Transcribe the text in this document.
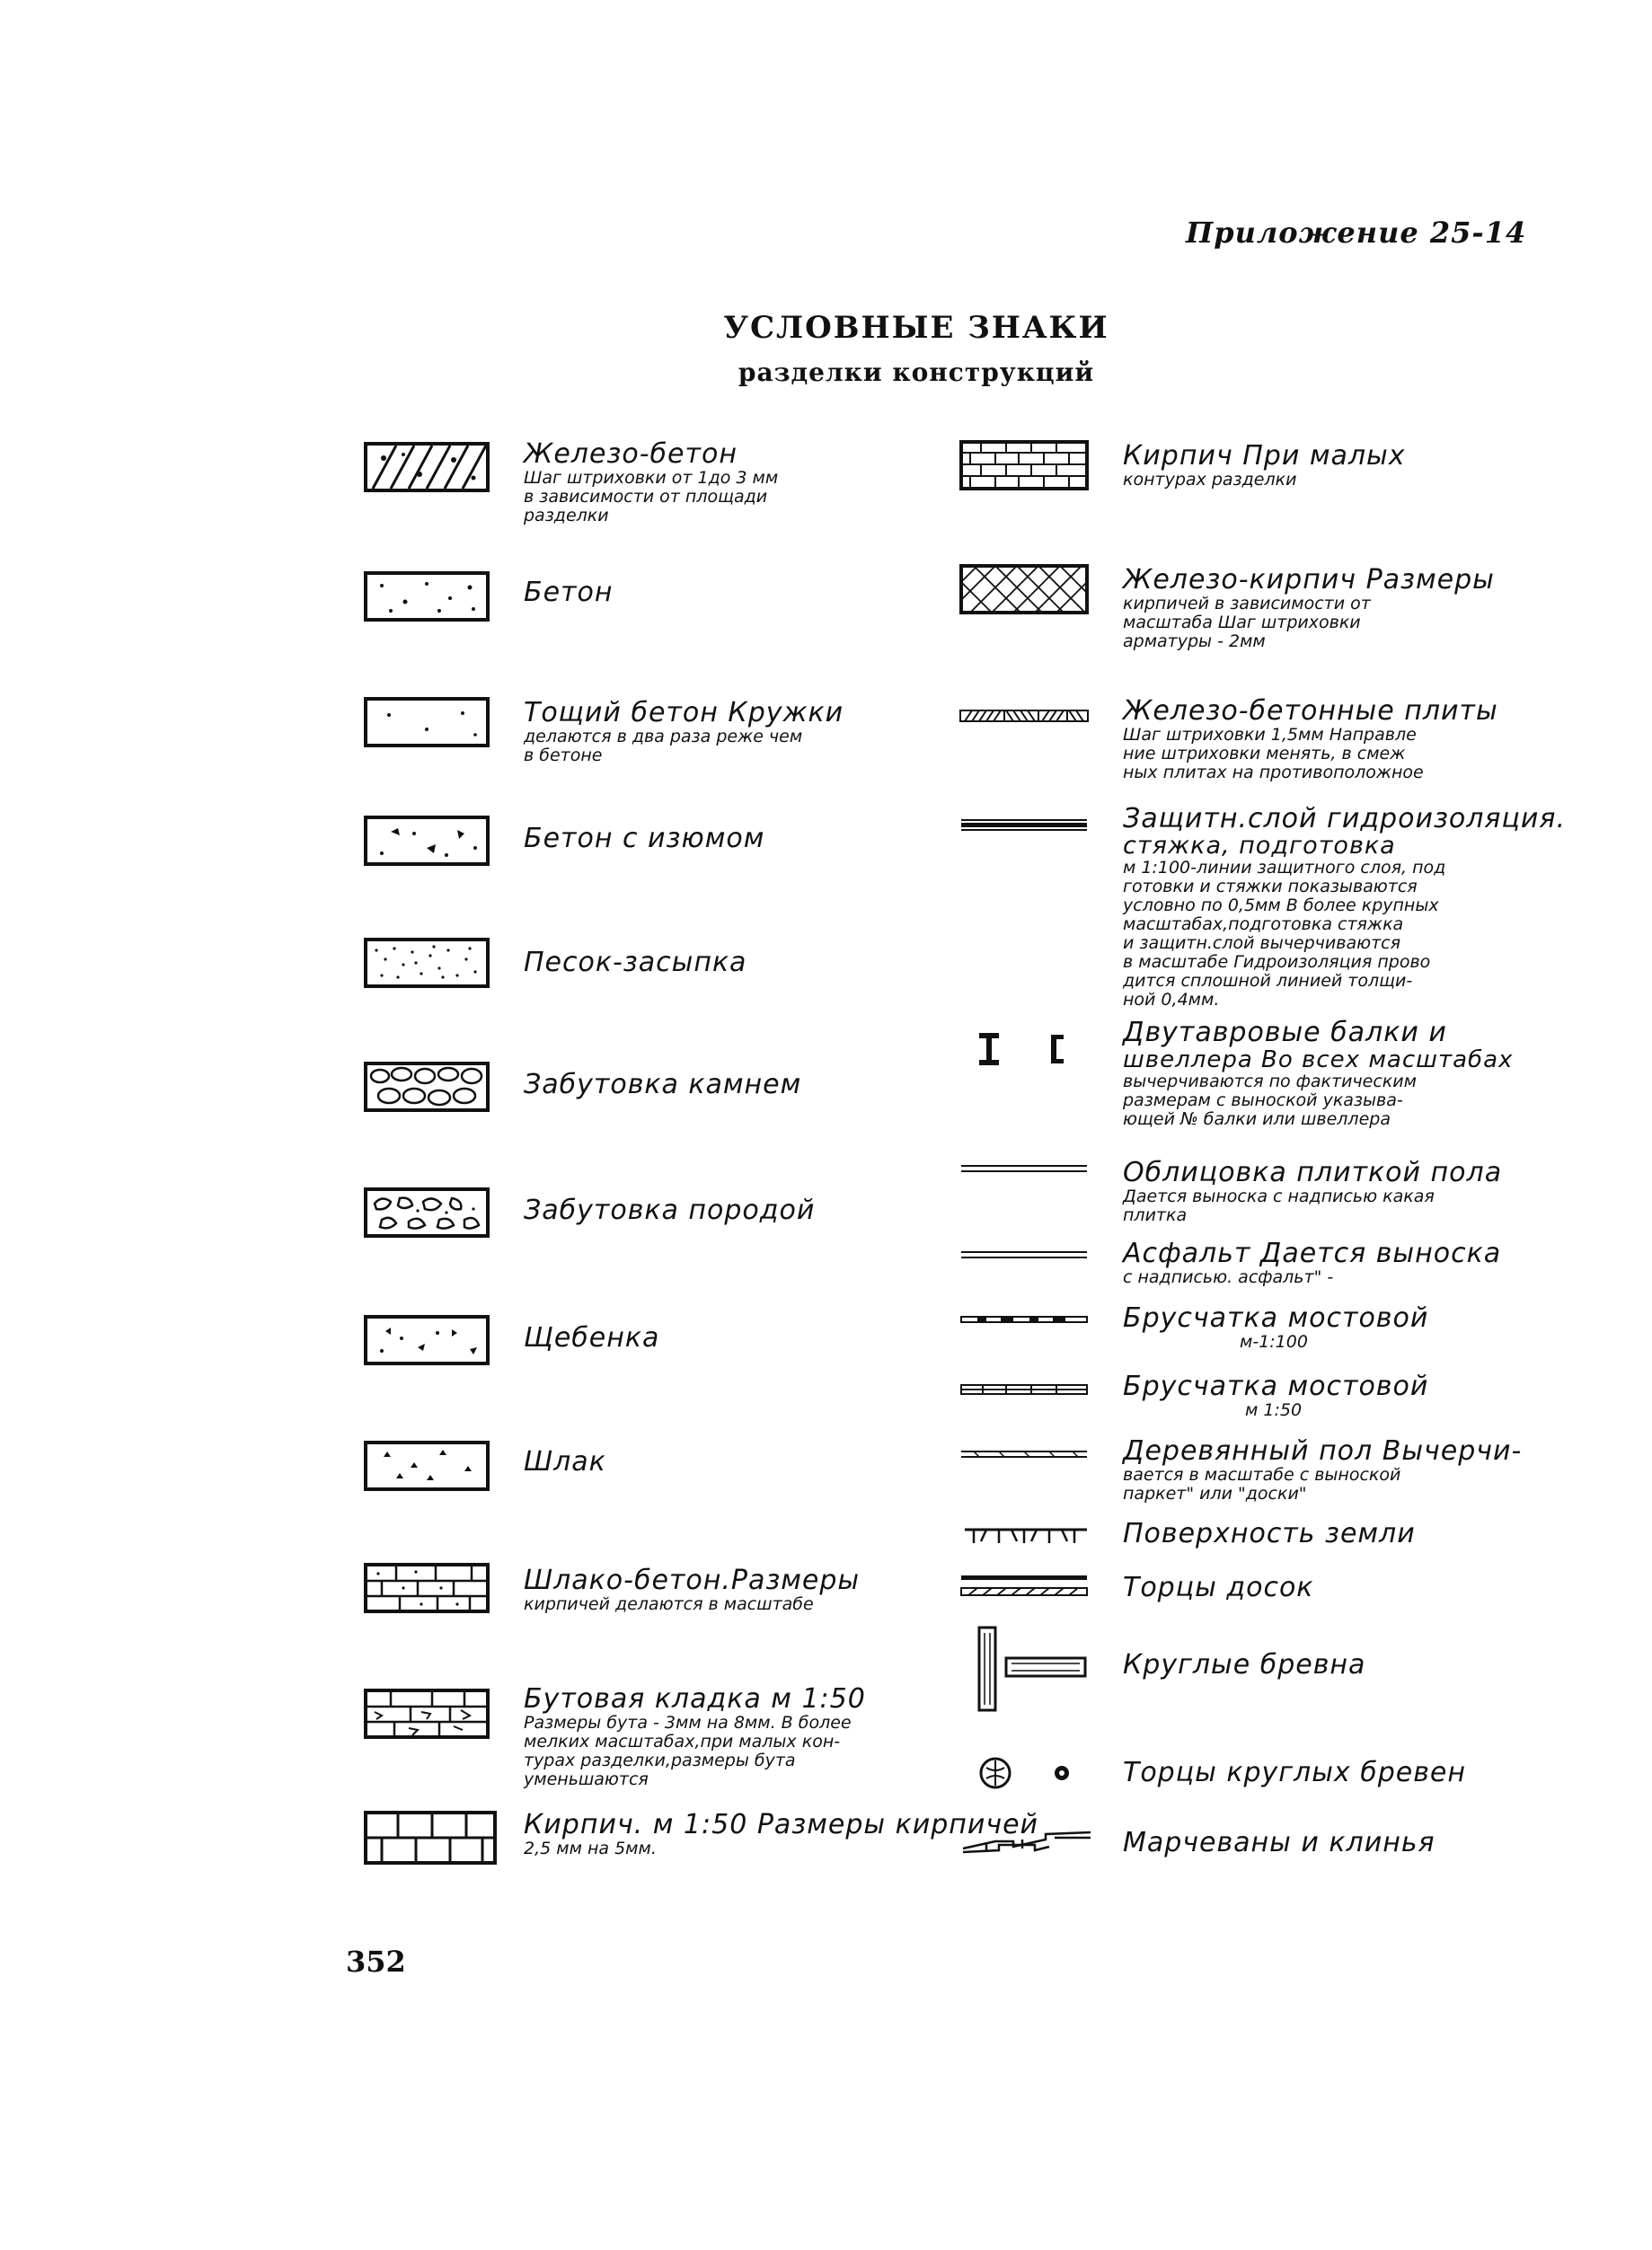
Приложение 25-14
УСЛОВНЫЕ ЗНАКИ
разделки конструкций
Железо-бетон
Шаг штриховки от 1до 3 мм
в зависимости от площади
разделки
Бетон
Тощий бетон Кружки
делаются в два раза реже чем
в бетоне
Бетон с изюмом
Песок-засыпка
Забутовка камнем
Забутовка породой
Щебенка
Шлак
Шлако-бетон.Размеры
кирпичей делаются в масштабе
Бутовая кладка м 1:50
Размеры бута - 3мм на 8мм. В более
мелких масштабах,при малых кон-
турах разделки,размеры бута
уменьшаются
Кирпич. м 1:50 Размеры кирпичей
2,5 мм на 5мм.
Кирпич При малых
контурах разделки
Железо-кирпич Размеры
кирпичей в зависимости от
масштаба Шаг штриховки
арматуры - 2мм
Железо-бетонные плиты
Шаг штриховки 1,5мм Направле
ние штриховки менять, в смеж
ных плитах на противоположное
Защитн.слой гидроизоляция.
стяжка, подготовка
м 1:100-линии защитного слоя, под
готовки и стяжки показываются
условно по 0,5мм В более крупных
масштабах,подготовка стяжка
и защитн.слой вычерчиваются
в масштабе Гидроизоляция прово
дится сплошной линией толщи-
ной 0,4мм.
Двутавровые балки и
швеллера Во всех масштабах
вычерчиваются по фактическим
размерам с выноской указыва-
ющей № балки или швеллера
Облицовка плиткой пола
Дается выноска с надписью какая
плитка
Асфальт Дается выноска
с надписью. асфальт" -
Брусчатка мостовой
м-1:100
Брусчатка мостовой
м 1:50
Деревянный пол Вычерчи-
вается в масштабе с выноской
паркет" или "доски"
Поверхность земли
Торцы досок
Круглые бревна
Торцы круглых бревен
Марчеваны и клинья
352
